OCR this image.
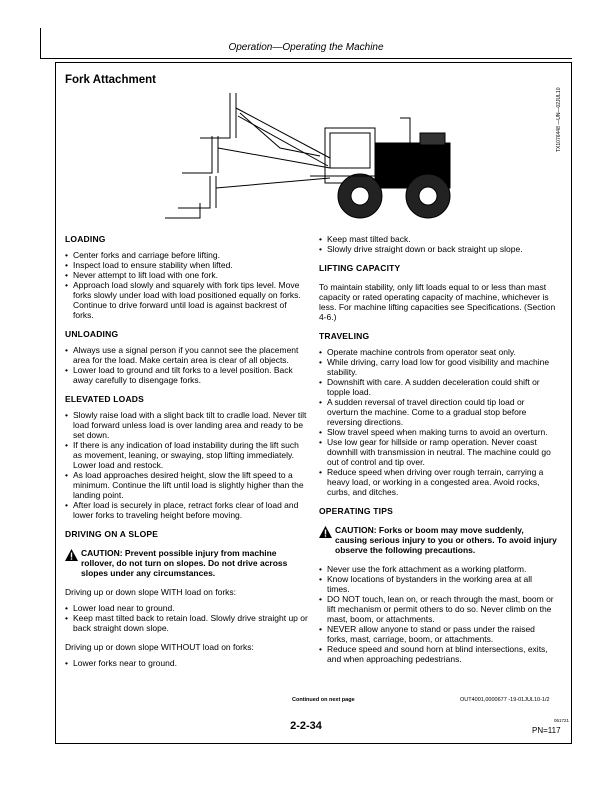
Operation—Operating the Machine
Fork Attachment
TX1076448 —UN—02JUL10
LOADING
• Center forks and carriage before lifting.
• Inspect load to ensure stability when lifted.
• Never attempt to lift load with one fork.
• Approach load slowly and squarely with fork tips level. Move forks slowly under load with load positioned equally on forks. Continue to drive forward until load is against backrest of forks.
UNLOADING
• Always use a signal person if you cannot see the placement area for the load. Make certain area is clear of all objects.
• Lower load to ground and tilt forks to a level position. Back away carefully to disengage forks.
ELEVATED LOADS
• Slowly raise load with a slight back tilt to cradle load. Never tilt load forward unless load is over landing area and ready to be set down.
• If there is any indication of load instability during the lift such as movement, leaning, or swaying, stop lifting immediately. Lower load and restock.
• As load approaches desired height, slow the lift speed to a minimum. Continue the lift until load is slightly higher than the landing point.
• After load is securely in place, retract forks clear of load and lower forks to traveling height before moving.
DRIVING ON A SLOPE
CAUTION: Prevent possible injury from machine rollover, do not turn on slopes. Do not drive across slopes under any circumstances.

Driving up or down slope WITH load on forks:

• Lower load near to ground.
• Keep mast tilted back to retain load. Slowly drive straight up or back straight down slope.

Driving up or down slope WITHOUT load on forks:

• Lower forks near to ground.
• Keep mast tilted back.
• Slowly drive straight down or back straight up slope.
LIFTING CAPACITY

To maintain stability, only lift loads equal to or less than mast capacity or rated operating capacity of machine, whichever is less. For machine lifting capacities see Specifications. (Section 4-6.)

TRAVELING
• Operate machine controls from operator seat only.
• While driving, carry load low for good visibility and machine stability.
• Downshift with care. A sudden deceleration could shift or topple load.
• A sudden reversal of travel direction could tip load or overturn the machine. Come to a gradual stop before reversing directions.
• Slow travel speed when making turns to avoid an overturn.
• Use low gear for hillside or ramp operation. Never coast downhill with transmission in neutral. The machine could go out of control and tip over.
• Reduce speed when driving over rough terrain, carrying a heavy load, or working in a congested area. Avoid rocks, curbs, and ditches.
OPERATING TIPS
CAUTION: Forks or boom may move suddenly, causing serious injury to you or others. To avoid injury observe the following precautions.
• Never use the fork attachment as a working platform.
• Know locations of bystanders in the working area at all times.
• DO NOT touch, lean on, or reach through the mast, boom or lift mechanism or permit others to do so. Never climb on the mast, boom, or attachments.
• NEVER allow anyone to stand or pass under the raised forks, mast, carriage, boom, or attachments.
• Reduce speed and sound horn at blind intersections, exits, and when approaching pedestrians.
Continued on next page	OUT4001,0000677 -19-01JUL10-1/2
2-2-34	061721
PN=117
